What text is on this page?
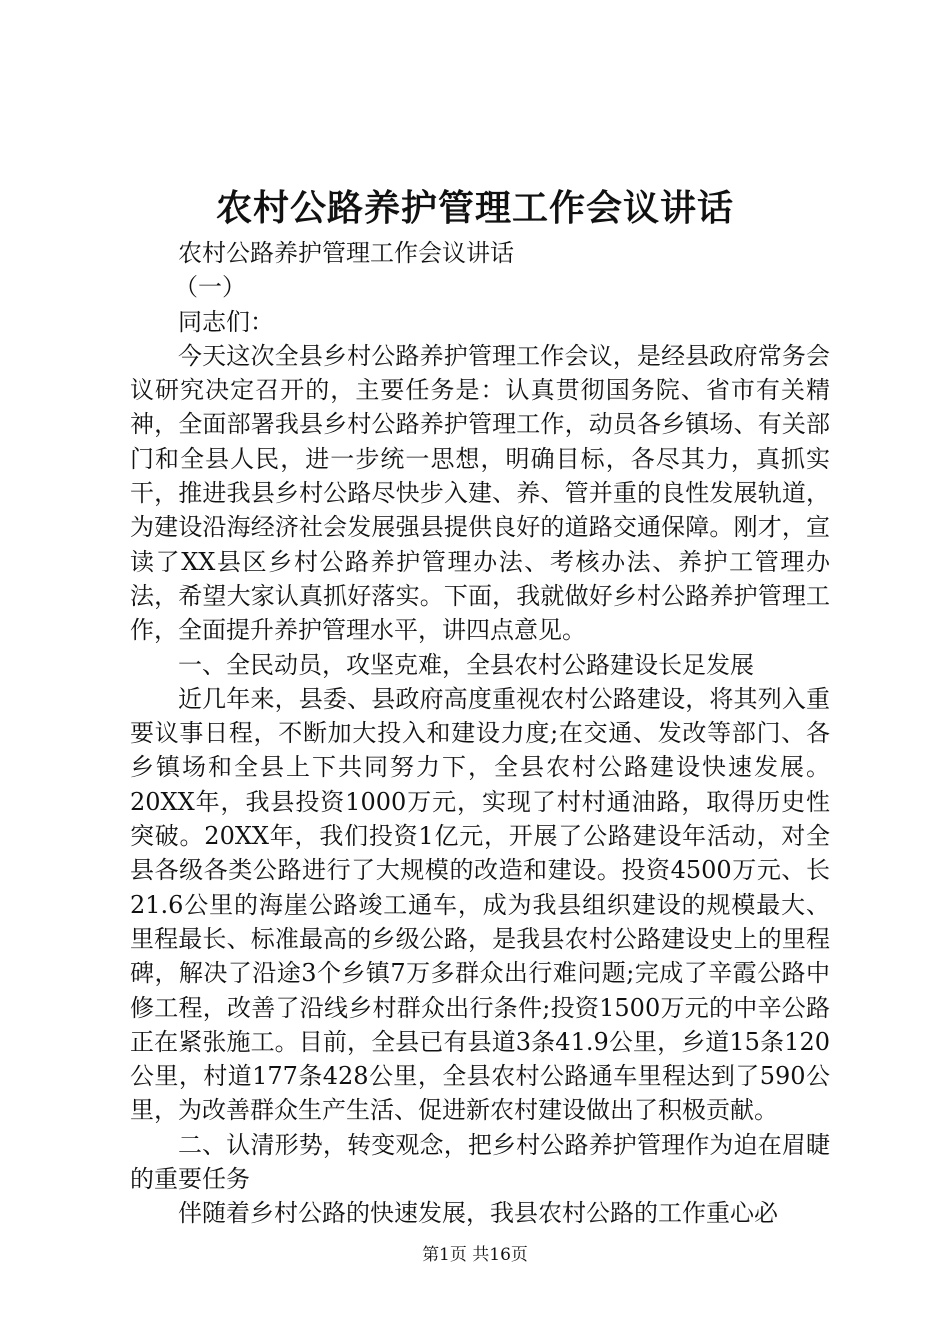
农村公路养护管理工作会议讲话

农村公路养护管理工作会议讲话

（一）

同志们：

今天这次全县乡村公路养护管理工作会议，是经县政府常务会议研究决定召开的，主要任务是：认真贯彻国务院、省市有关精神，全面部署我县乡村公路养护管理工作，动员各乡镇场、有关部门和全县人民，进一步统一思想，明确目标，各尽其力，真抓实干，推进我县乡村公路尽快步入建、养、管并重的良性发展轨道，为建设沿海经济社会发展强县提供良好的道路交通保障。刚才，宣读了XX县区乡村公路养护管理办法、考核办法、养护工管理办法，希望大家认真抓好落实。下面，我就做好乡村公路养护管理工作，全面提升养护管理水平，讲四点意见。

一、全民动员，攻坚克难，全县农村公路建设长足发展

近几年来，县委、县政府高度重视农村公路建设，将其列入重要议事日程，不断加大投入和建设力度;在交通、发改等部门、各乡镇场和全县上下共同努力下，全县农村公路建设快速发展。20XX年，我县投资1000万元，实现了村村通油路，取得历史性突破。20XX年，我们投资1亿元，开展了公路建设年活动，对全县各级各类公路进行了大规模的改造和建设。投资4500万元、长21.6公里的海崖公路竣工通车，成为我县组织建设的规模最大、里程最长、标准最高的乡级公路，是我县农村公路建设史上的里程碑，解决了沿途3个乡镇7万多群众出行难问题;完成了辛霞公路中修工程，改善了沿线乡村群众出行条件;投资1500万元的中辛公路正在紧张施工。目前，全县已有县道3条41.9公里，乡道15条120公里，村道177条428公里，全县农村公路通车里程达到了590公里，为改善群众生产生活、促进新农村建设做出了积极贡献。

二、认清形势，转变观念，把乡村公路养护管理作为迫在眉睫的重要任务

伴随着乡村公路的快速发展，我县农村公路的工作重心必

第1页 共16页
